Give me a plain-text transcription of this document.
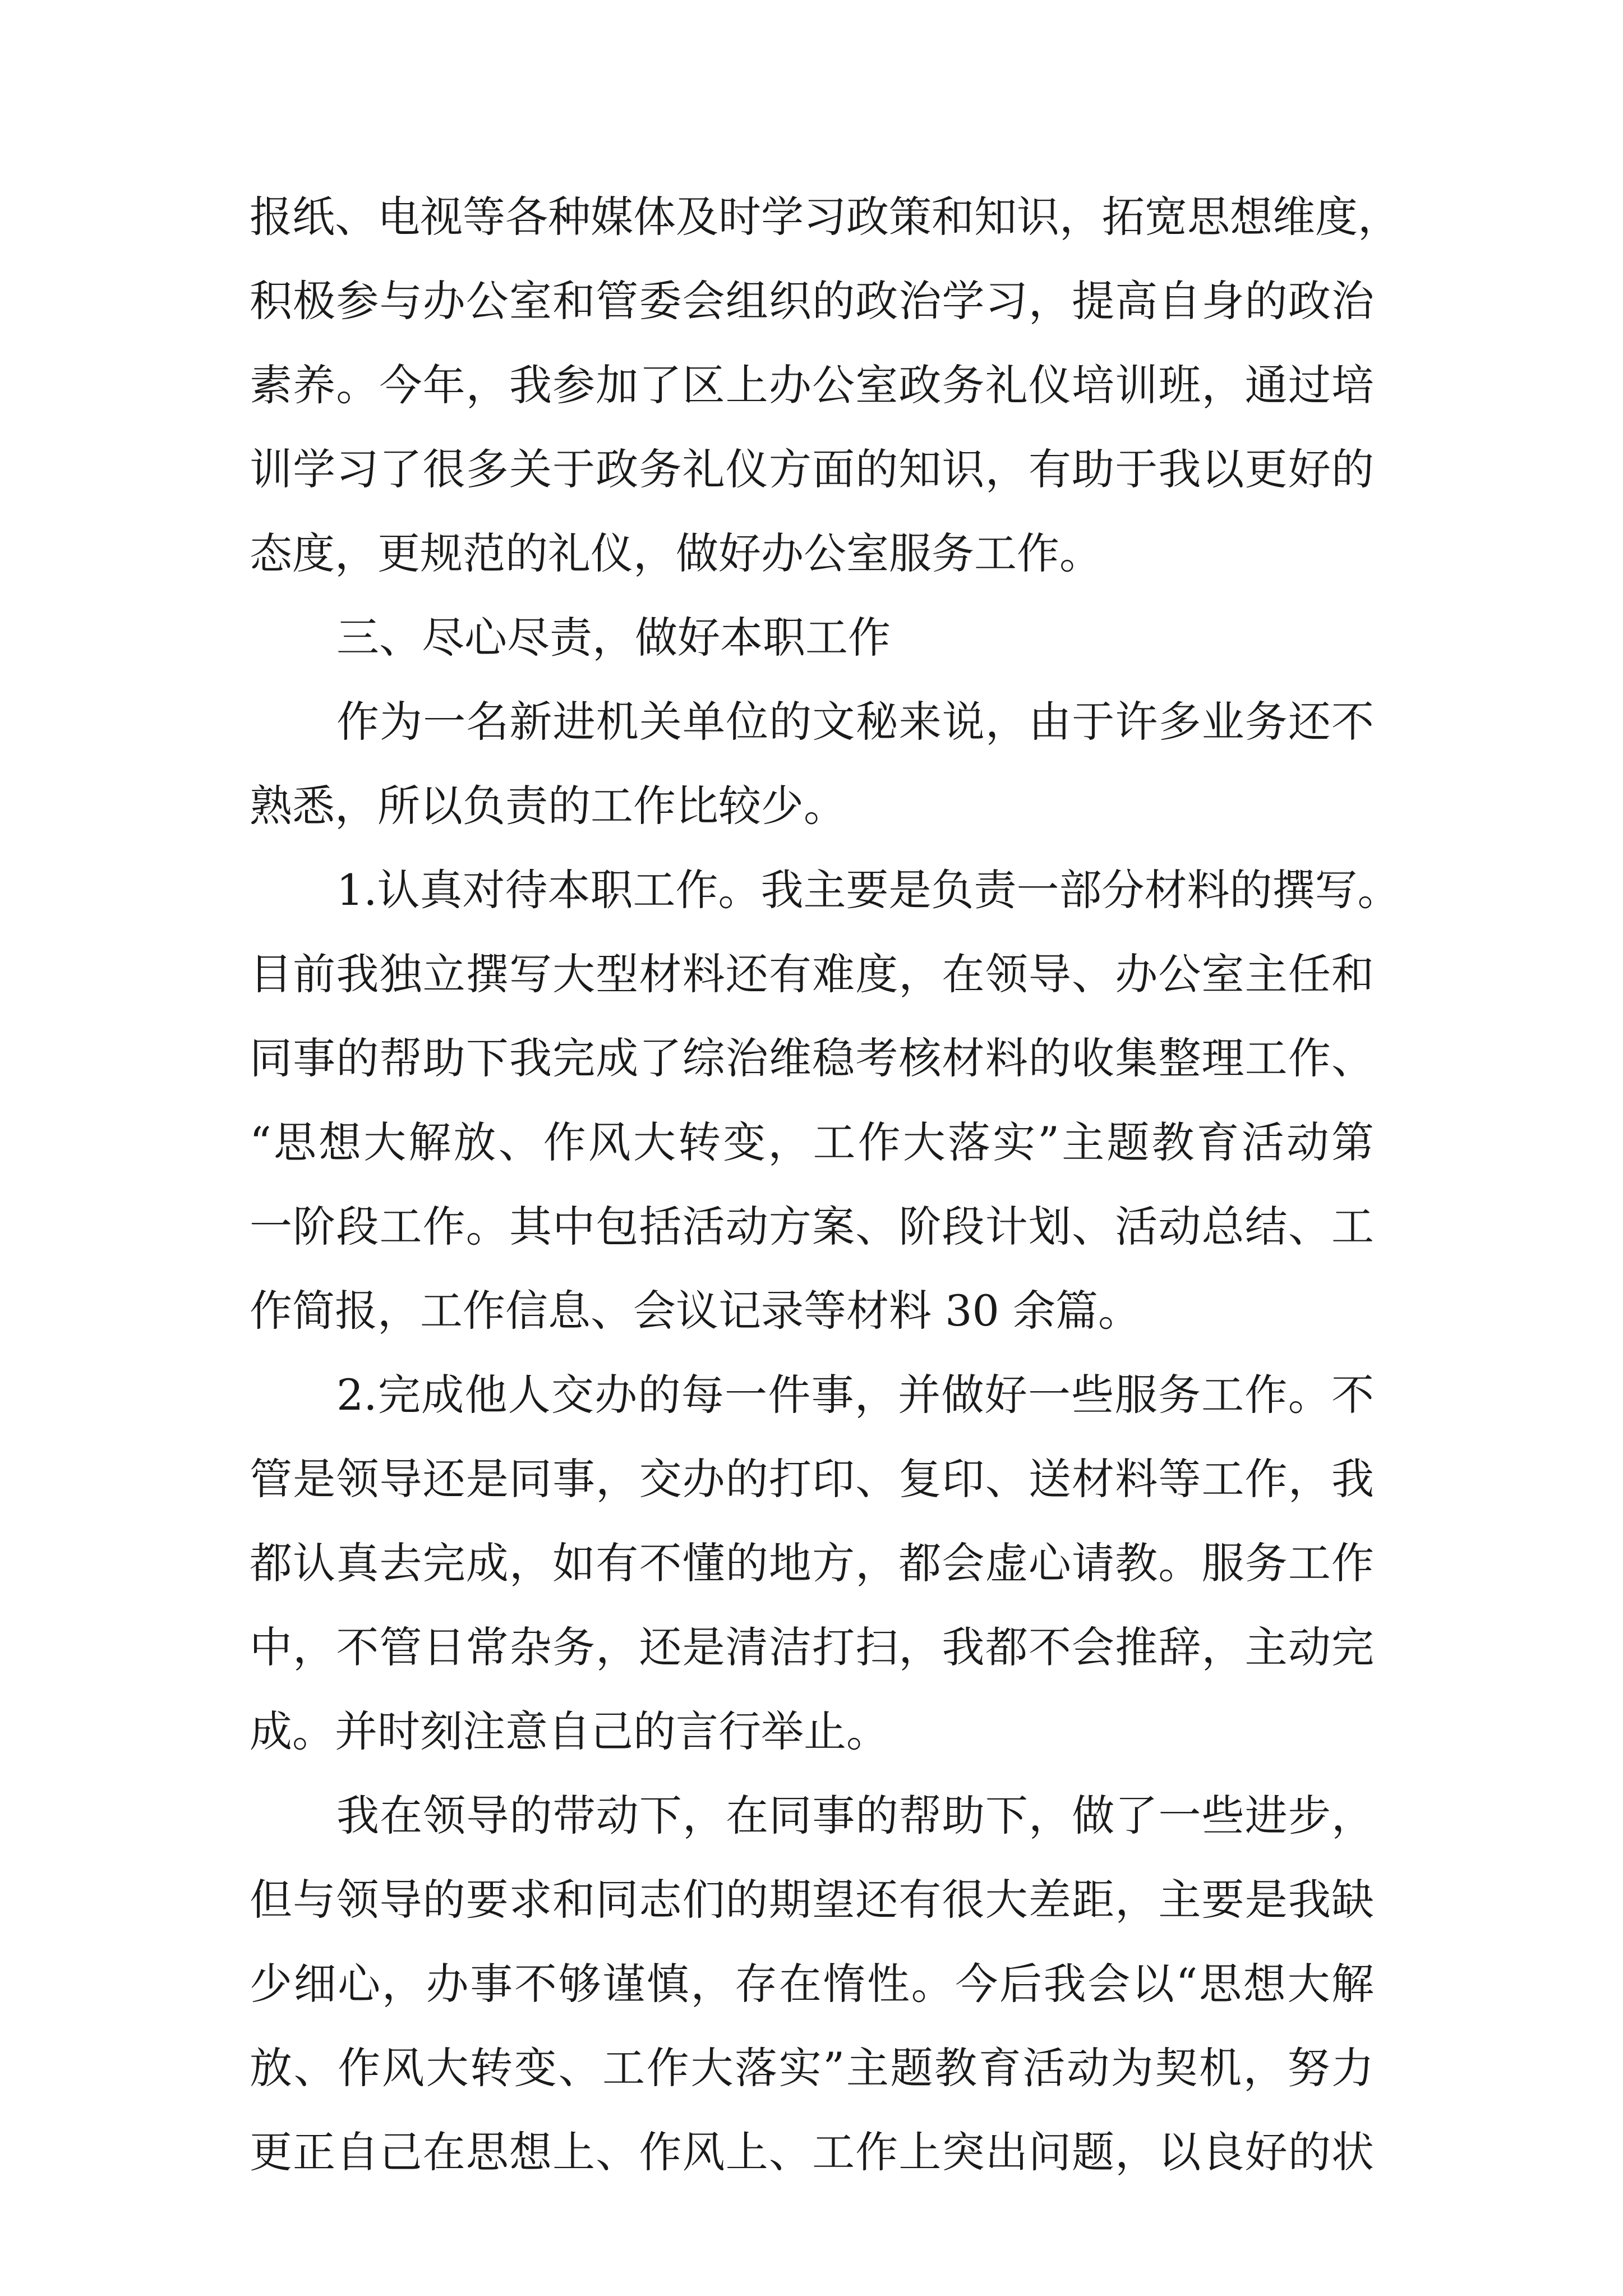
报纸、电视等各种媒体及时学习政策和知识，拓宽思想维度，
积极参与办公室和管委会组织的政治学习，提高自身的政治
素养。今年，我参加了区上办公室政务礼仪培训班，通过培
训学习了很多关于政务礼仪方面的知识，有助于我以更好的
态度，更规范的礼仪，做好办公室服务工作。
三、尽心尽责，做好本职工作
作为一名新进机关单位的文秘来说，由于许多业务还不
熟悉，所以负责的工作比较少。
1.认真对待本职工作。我主要是负责一部分材料的撰写。
目前我独立撰写大型材料还有难度，在领导、办公室主任和
同事的帮助下我完成了综治维稳考核材料的收集整理工作、
“思想大解放、作风大转变，工作大落实”主题教育活动第
一阶段工作。其中包括活动方案、阶段计划、活动总结、工
作简报，工作信息、会议记录等材料 30 余篇。
2.完成他人交办的每一件事，并做好一些服务工作。不
管是领导还是同事，交办的打印、复印、送材料等工作，我
都认真去完成，如有不懂的地方，都会虚心请教。服务工作
中，不管日常杂务，还是清洁打扫，我都不会推辞，主动完
成。并时刻注意自己的言行举止。
我在领导的带动下，在同事的帮助下，做了一些进步，
但与领导的要求和同志们的期望还有很大差距，主要是我缺
少细心，办事不够谨慎，存在惰性。今后我会以“思想大解
放、作风大转变、工作大落实”主题教育活动为契机，努力
更正自己在思想上、作风上、工作上突出问题，以良好的状
